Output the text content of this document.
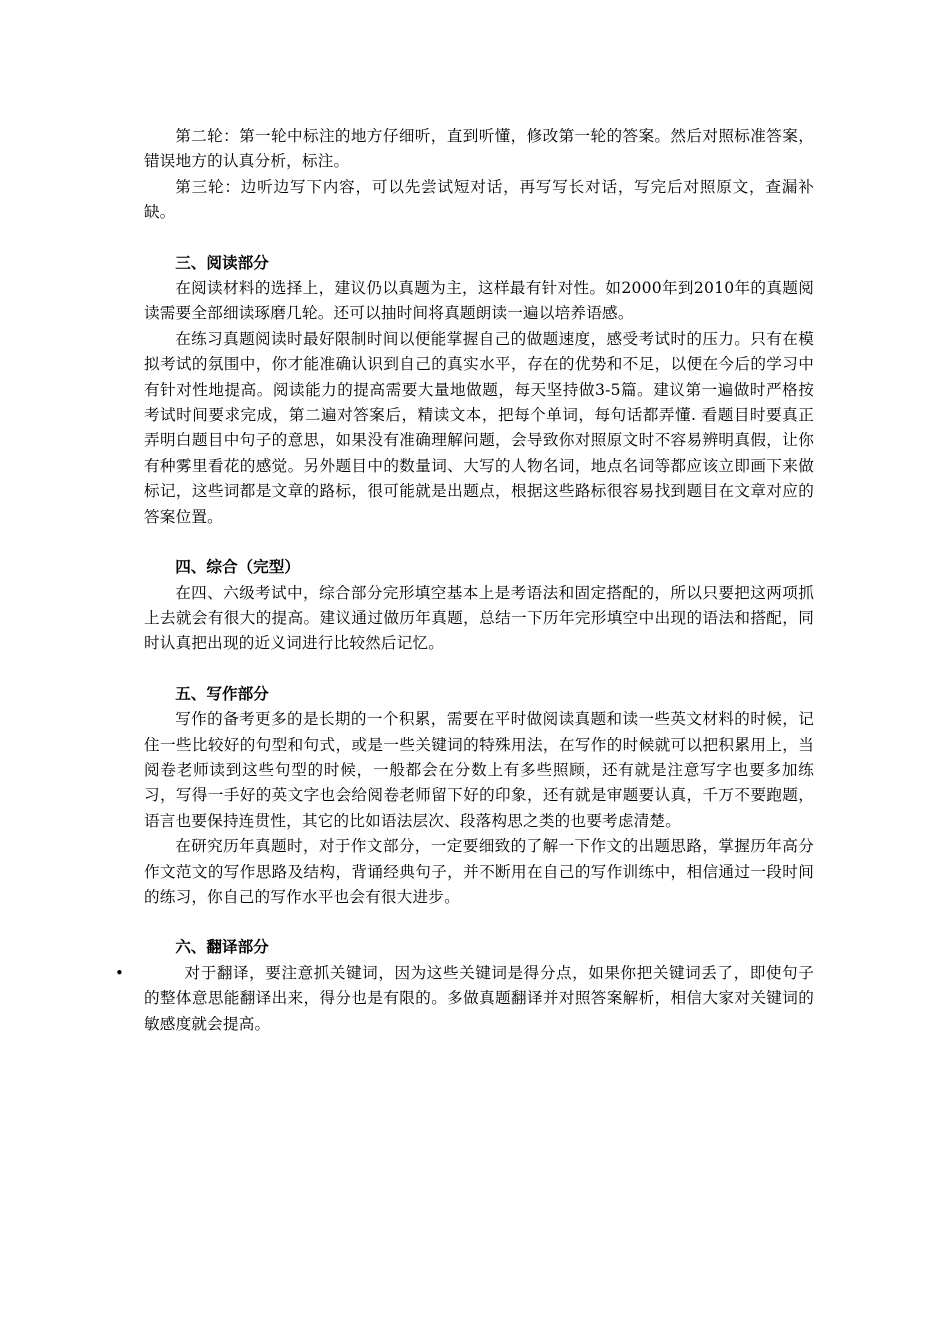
第二轮：第一轮中标注的地方仔细听，直到听懂，修改第一轮的答案。然后对照标准答案，错误地方的认真分析，标注。

第三轮：边听边写下内容，可以先尝试短对话，再写写长对话，写完后对照原文，查漏补缺。

三、阅读部分

在阅读材料的选择上，建议仍以真题为主，这样最有针对性。如2000年到2010年的真题阅读需要全部细读琢磨几轮。还可以抽时间将真题朗读一遍以培养语感。

在练习真题阅读时最好限制时间以便能掌握自己的做题速度，感受考试时的压力。只有在模拟考试的氛围中，你才能准确认识到自己的真实水平，存在的优势和不足，以便在今后的学习中有针对性地提高。阅读能力的提高需要大量地做题，每天坚持做3-5篇。建议第一遍做时严格按考试时间要求完成，第二遍对答案后，精读文本，把每个单词，每句话都弄懂. 看题目时要真正弄明白题目中句子的意思，如果没有准确理解问题，会导致你对照原文时不容易辨明真假，让你有种雾里看花的感觉。另外题目中的数量词、大写的人物名词，地点名词等都应该立即画下来做标记，这些词都是文章的路标，很可能就是出题点，根据这些路标很容易找到题目在文章对应的答案位置。

四、综合（完型）

在四、六级考试中，综合部分完形填空基本上是考语法和固定搭配的，所以只要把这两项抓上去就会有很大的提高。建议通过做历年真题，总结一下历年完形填空中出现的语法和搭配，同时认真把出现的近义词进行比较然后记忆。

五、写作部分

写作的备考更多的是长期的一个积累，需要在平时做阅读真题和读一些英文材料的时候，记住一些比较好的句型和句式，或是一些关键词的特殊用法，在写作的时候就可以把积累用上，当阅卷老师读到这些句型的时候，一般都会在分数上有多些照顾，还有就是注意写字也要多加练习，写得一手好的英文字也会给阅卷老师留下好的印象，还有就是审题要认真，千万不要跑题，语言也要保持连贯性，其它的比如语法层次、段落构思之类的也要考虑清楚。

在研究历年真题时，对于作文部分，一定要细致的了解一下作文的出题思路，掌握历年高分作文范文的写作思路及结构，背诵经典句子，并不断用在自己的写作训练中，相信通过一段时间的练习，你自己的写作水平也会有很大进步。

六、翻译部分

•	对于翻译，要注意抓关键词，因为这些关键词是得分点，如果你把关键词丢了，即使句子的整体意思能翻译出来，得分也是有限的。多做真题翻译并对照答案解析，相信大家对关键词的敏感度就会提高。
